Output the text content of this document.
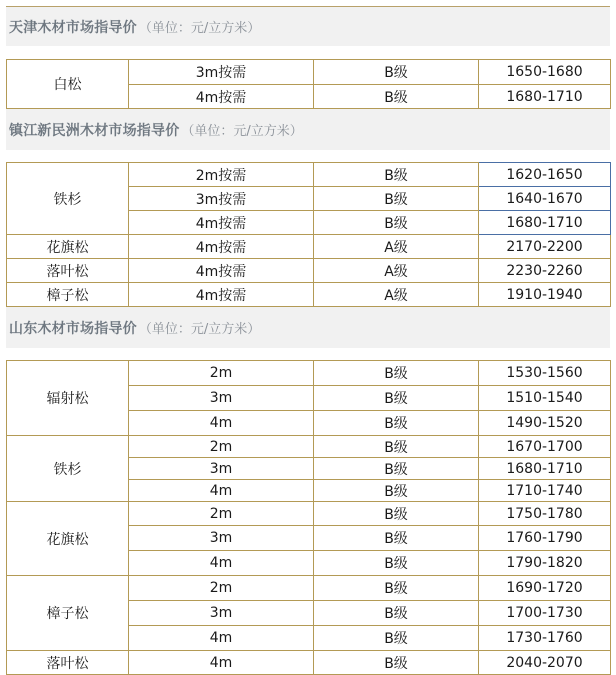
天津木材市场指导价 （单位：元/立方米）
白松	3m按需	B级	1650-1680
	4m按需	B级	1680-1710
镇江新民洲木材市场指导价 （单位：元/立方米）
铁杉	2m按需	B级	1620-1650
	3m按需	B级	1640-1670
	4m按需	B级	1680-1710
花旗松	4m按需	A级	2170-2200
落叶松	4m按需	A级	2230-2260
樟子松	4m按需	A级	1910-1940
山东木材市场指导价 （单位：元/立方米）
辐射松	2m	B级	1530-1560
	3m	B级	1510-1540
	4m	B级	1490-1520
铁杉	2m	B级	1670-1700
	3m	B级	1680-1710
	4m	B级	1710-1740
花旗松	2m	B级	1750-1780
	3m	B级	1760-1790
	4m	B级	1790-1820
樟子松	2m	B级	1690-1720
	3m	B级	1700-1730
	4m	B级	1730-1760
落叶松	4m	B级	2040-2070
